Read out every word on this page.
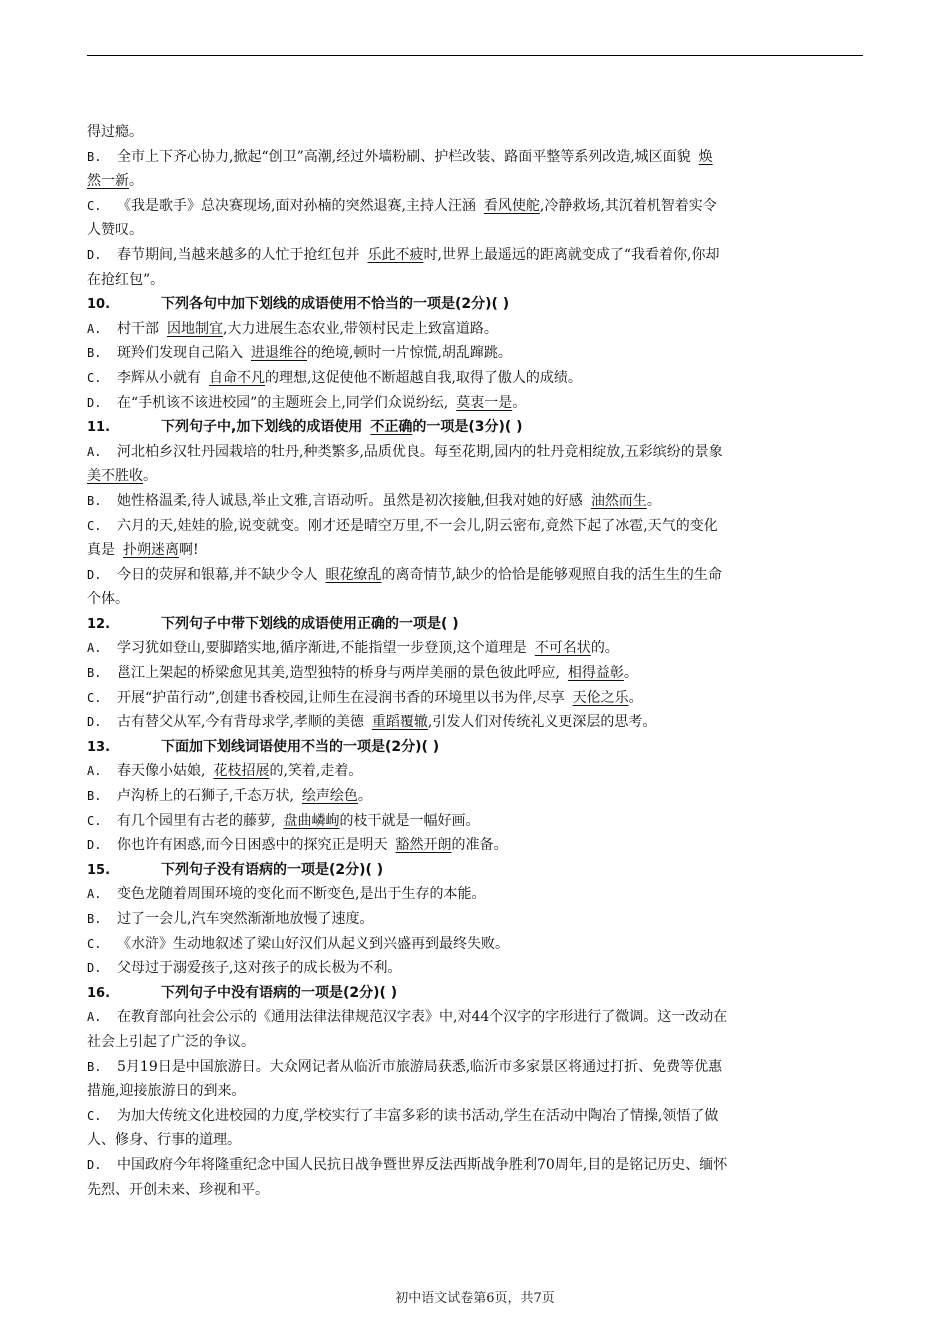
得过瘾。
B. 全市上下齐心协力,掀起“创卫”高潮,经过外墙粉刷、护栏改装、路面平整等系列改造,城区面貌 焕
然一新。
C. 《我是歌手》总决赛现场,面对孙楠的突然退赛,主持人汪涵 看风使舵,冷静救场,其沉着机智着实令
人赞叹。
D. 春节期间,当越来越多的人忙于抢红包并 乐此不疲时,世界上最遥远的距离就变成了“我看着你,你却
在抢红包”。
10.	下列各句中加下划线的成语使用不恰当的一项是(2分)( )
A. 村干部 因地制宜,大力进展生态农业,带领村民走上致富道路。
B. 斑羚们发现自己陷入 进退维谷的绝境,顿时一片惊慌,胡乱蹿跳。
C. 李辉从小就有 自命不凡的理想,这促使他不断超越自我,取得了傲人的成绩。
D. 在“手机该不该进校园”的主题班会上,同学们众说纷纭, 莫衷一是。
11.	下列句子中,加下划线的成语使用 不正确的一项是(3分)( )
A. 河北柏乡汉牡丹园栽培的牡丹,种类繁多,品质优良。每至花期,园内的牡丹竞相绽放,五彩缤纷的景象
美不胜收。
B. 她性格温柔,待人诚恳,举止文雅,言语动听。虽然是初次接触,但我对她的好感 油然而生。
C. 六月的天,娃娃的脸,说变就变。刚才还是晴空万里,不一会儿,阴云密布,竟然下起了冰雹,天气的变化
真是 扑朔迷离啊!
D. 今日的荧屏和银幕,并不缺少令人 眼花缭乱的离奇情节,缺少的恰恰是能够观照自我的活生生的生命
个体。
12.	下列句子中带下划线的成语使用正确的一项是( )
A. 学习犹如登山,要脚踏实地,循序渐进,不能指望一步登顶,这个道理是 不可名状的。
B. 邕江上架起的桥梁愈见其美,造型独特的桥身与两岸美丽的景色彼此呼应, 相得益彰。
C. 开展“护苗行动”,创建书香校园,让师生在浸润书香的环境里以书为伴,尽享 天伦之乐。
D. 古有替父从军,今有背母求学,孝顺的美德 重蹈覆辙,引发人们对传统礼义更深层的思考。
13.	下面加下划线词语使用不当的一项是(2分)( )
A. 春天像小姑娘, 花枝招展的,笑着,走着。
B. 卢沟桥上的石狮子,千态万状, 绘声绘色。
C. 有几个园里有古老的藤萝, 盘曲嶙峋的枝干就是一幅好画。
D. 你也许有困惑,而今日困惑中的探究正是明天 豁然开朗的准备。
15.	下列句子没有语病的一项是(2分)( )
A. 变色龙随着周围环境的变化而不断变色,是出于生存的本能。
B. 过了一会儿,汽车突然渐渐地放慢了速度。
C. 《水浒》生动地叙述了梁山好汉们从起义到兴盛再到最终失败。
D. 父母过于溺爱孩子,这对孩子的成长极为不利。
16.	下列句子中没有语病的一项是(2分)( )
A. 在教育部向社会公示的《通用法律法律规范汉字表》中,对44个汉字的字形进行了微调。这一改动在
社会上引起了广泛的争议。
B. 5月19日是中国旅游日。大众网记者从临沂市旅游局获悉,临沂市多家景区将通过打折、免费等优惠
措施,迎接旅游日的到来。
C. 为加大传统文化进校园的力度,学校实行了丰富多彩的读书活动,学生在活动中陶冶了情操,领悟了做
人、修身、行事的道理。
D. 中国政府今年将隆重纪念中国人民抗日战争暨世界反法西斯战争胜利70周年,目的是铭记历史、缅怀
先烈、开创未来、珍视和平。
初中语文试卷第6页，共7页
